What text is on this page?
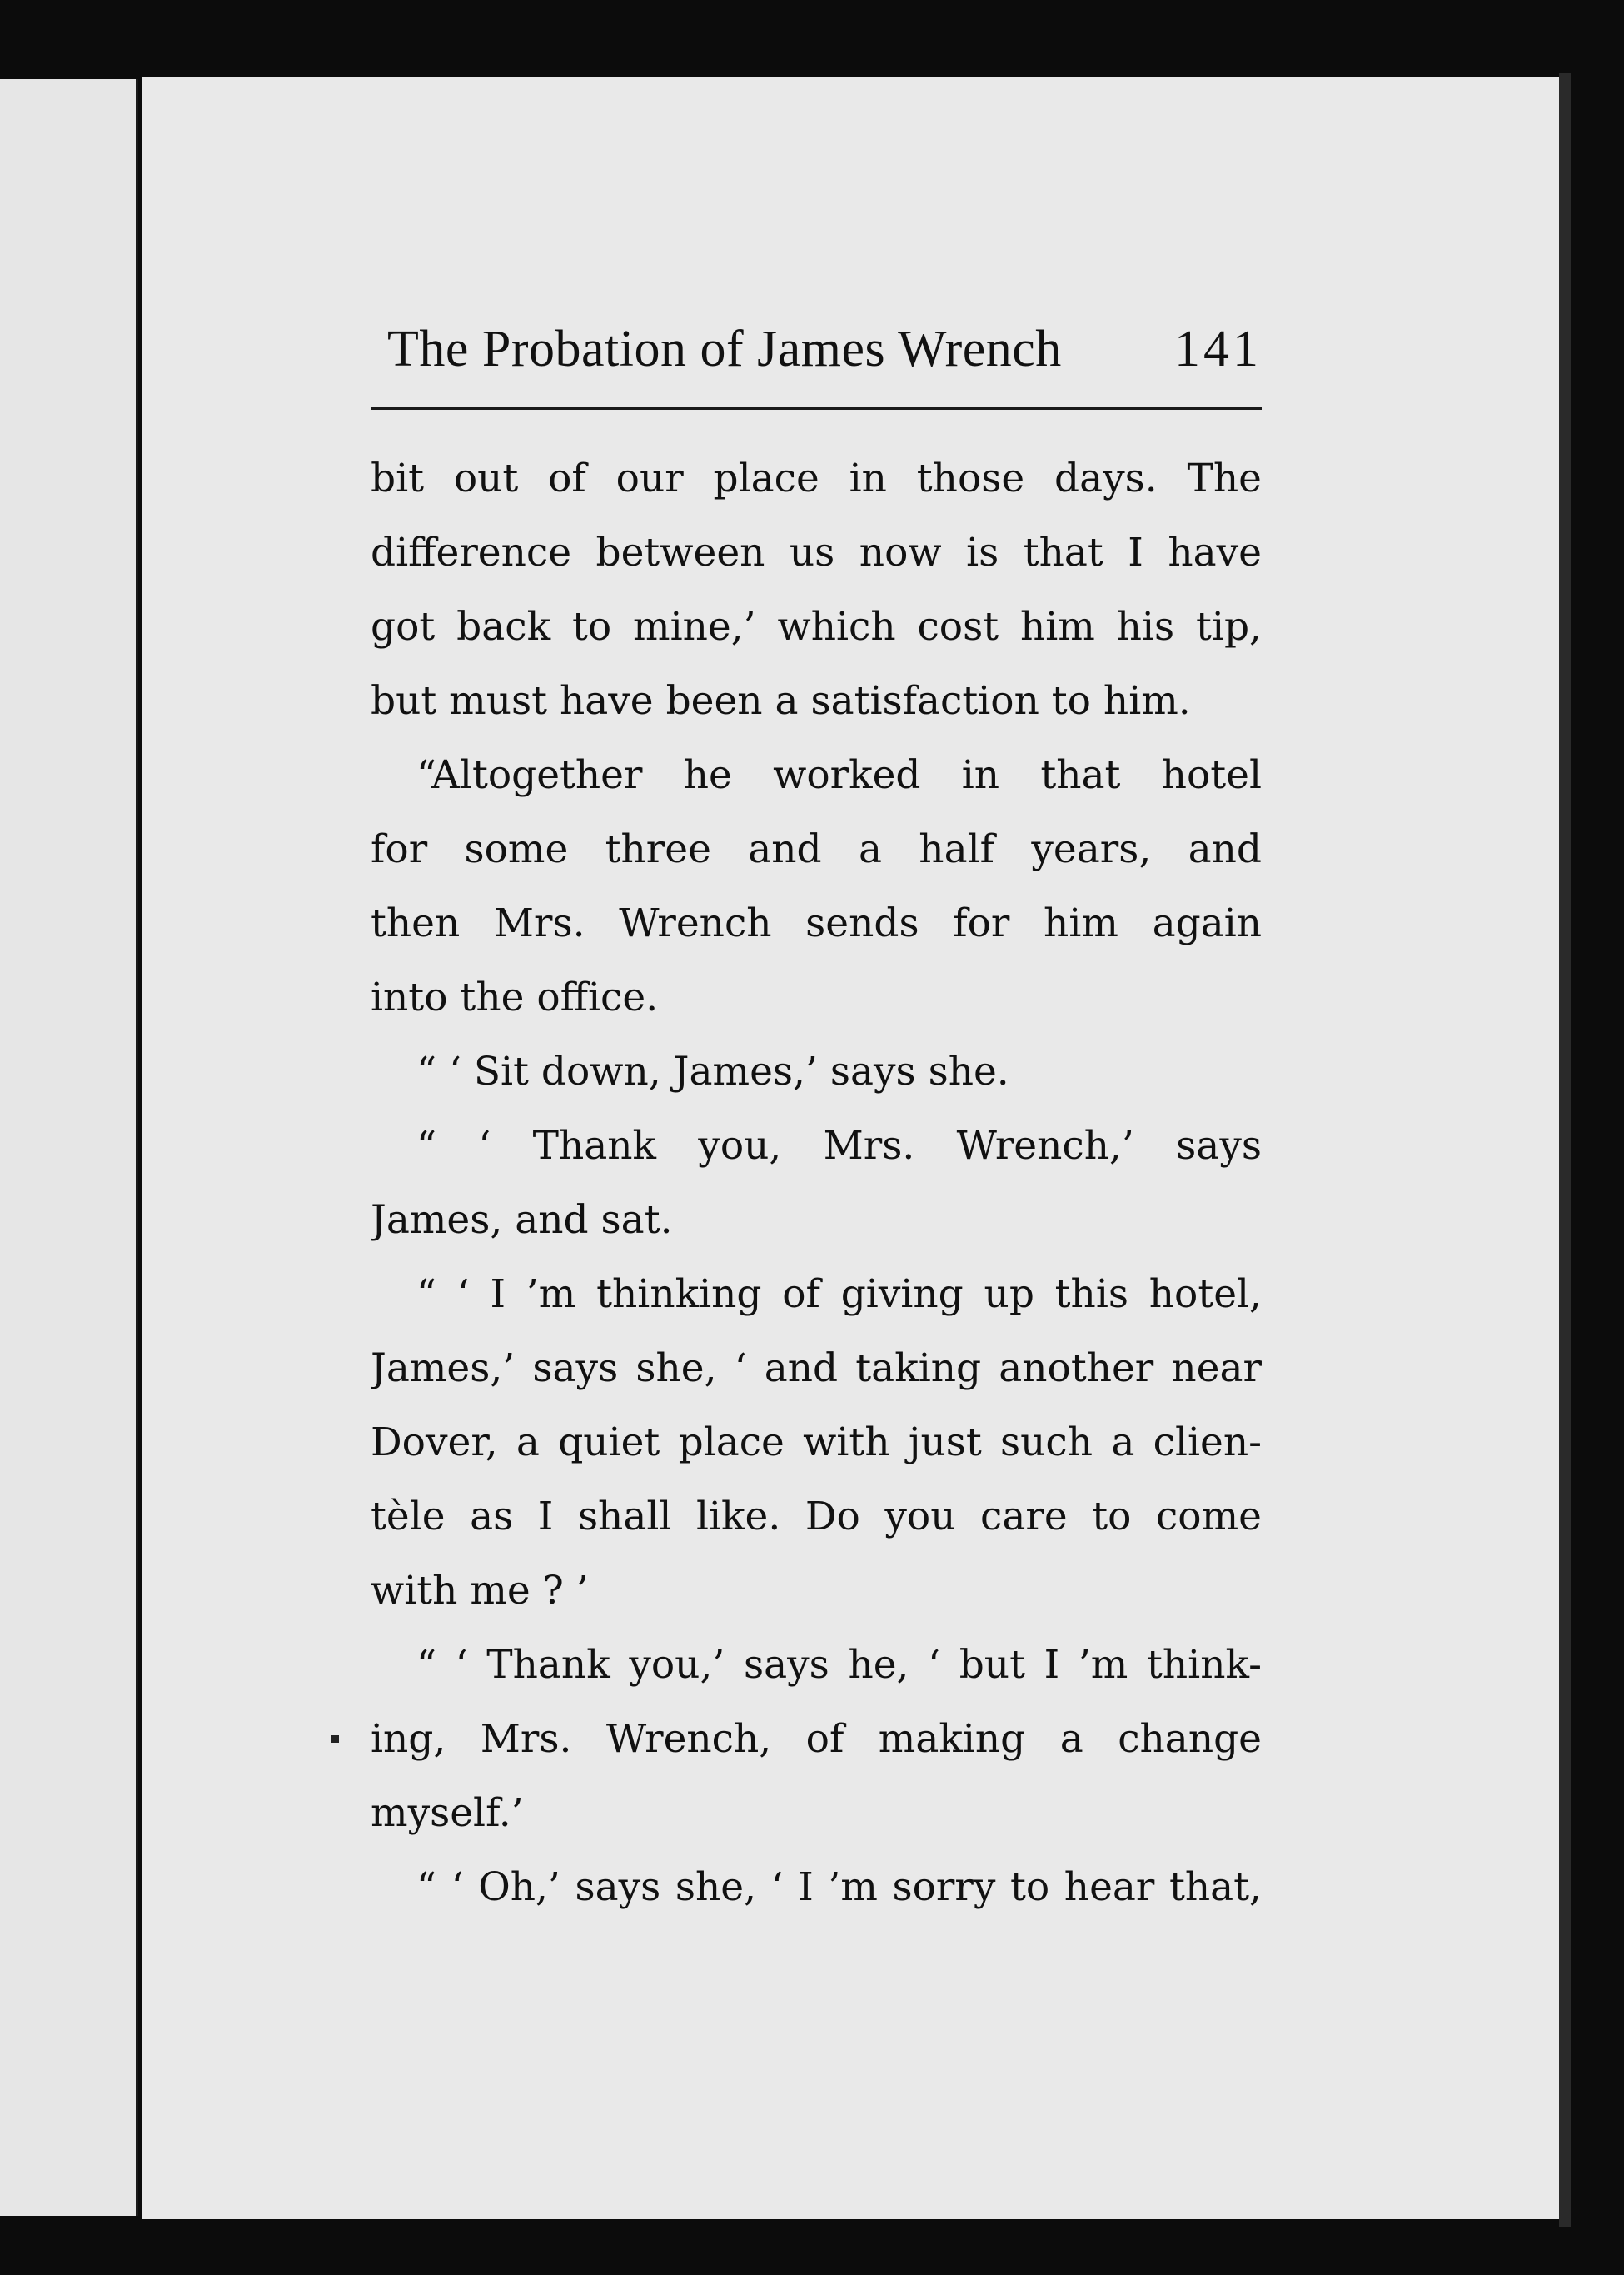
The Probation of James Wrench 141
bit out of our place in those days. The
difference between us now is that I have
got back to mine,’ which cost him his tip,
but must have been a satisfaction to him.
“Altogether he worked in that hotel
for some three and a half years, and
then Mrs. Wrench sends for him again
into the office.
“ ‘ Sit down, James,’ says she.
“ ‘ Thank you, Mrs. Wrench,’ says
James, and sat.
“ ‘ I ’m thinking of giving up this hotel,
James,’ says she, ‘ and taking another near
Dover, a quiet place with just such a clien-
tèle as I shall like. Do you care to come
with me ? ’
“ ‘ Thank you,’ says he, ‘ but I ’m think-
ing, Mrs. Wrench, of making a change
myself.’
“ ‘ Oh,’ says she, ‘ I ’m sorry to hear that,
